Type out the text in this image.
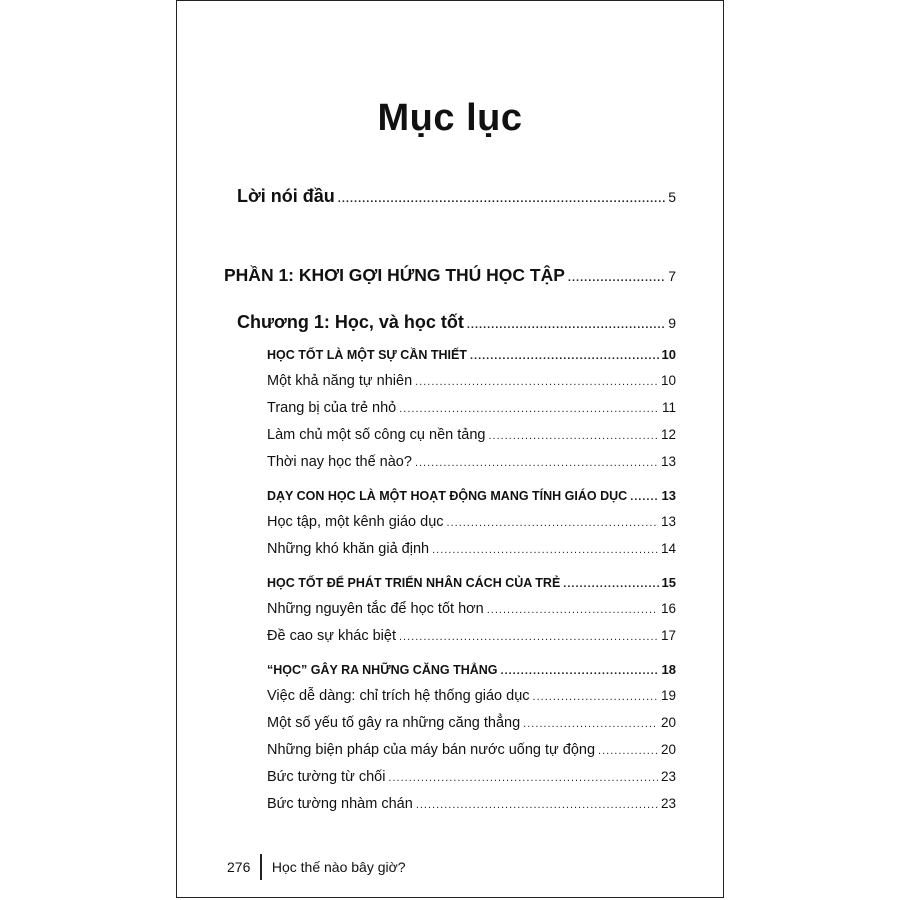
Mục lục
Lời nói đầu .....	5
PHẦN 1: KHƠI GỢI HỨNG THÚ HỌC TẬP .....	7
Chương 1: Học, và học tốt .....	9
HỌC TỐT LÀ MỘT SỰ CẦN THIẾT .....	10
Một khả năng tự nhiên .....	10
Trang bị của trẻ nhỏ .....	11
Làm chủ một số công cụ nền tảng .....	12
Thời nay học thế nào? .....	13
DẠY CON HỌC LÀ MỘT HOẠT ĐỘNG MANG TÍNH GIÁO DỤC .....	13
Học tập, một kênh giáo dục .....	13
Những khó khăn giả định .....	14
HỌC TỐT ĐỂ PHÁT TRIỂN NHÂN CÁCH CỦA TRẺ .....	15
Những nguyên tắc để học tốt hơn .....	16
Đề cao sự khác biệt .....	17
“HỌC” GÂY RA NHỮNG CĂNG THẲNG .....	18
Việc dễ dàng: chỉ trích hệ thống giáo dục .....	19
Một số yếu tố gây ra những căng thẳng .....	20
Những biện pháp của máy bán nước uống tự động .....	20
Bức tường từ chối .....	23
Bức tường nhàm chán .....	23
276 Học thế nào bây giờ?
